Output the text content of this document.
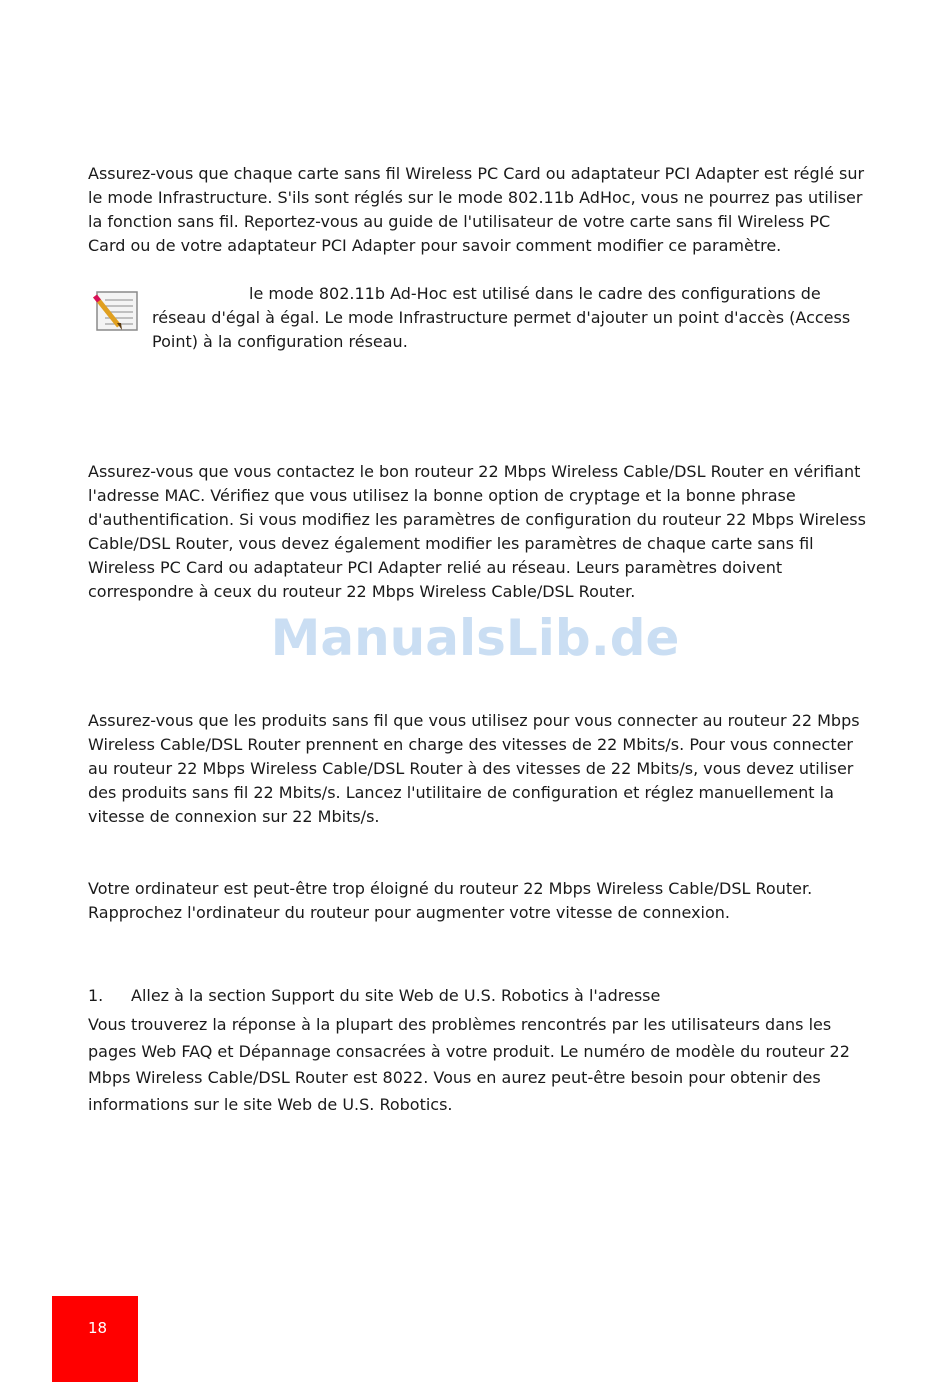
Assurez-vous que chaque carte sans fil Wireless PC Card ou adaptateur PCI Adapter est réglé sur le mode Infrastructure. S'ils sont réglés sur le mode 802.11b AdHoc, vous ne pourrez pas utiliser la fonction sans fil. Reportez-vous au guide de l'utilisateur de votre carte sans fil Wireless PC Card ou de votre adaptateur PCI Adapter pour savoir comment modifier ce paramètre.

le mode 802.11b Ad-Hoc est utilisé dans le cadre des configurations de réseau d'égal à égal. Le mode Infrastructure permet d'ajouter un point d'accès (Access Point) à la configuration réseau.

Assurez-vous que vous contactez le bon routeur 22 Mbps Wireless Cable/DSL Router en vérifiant l'adresse MAC. Vérifiez que vous utilisez la bonne option de cryptage et la bonne phrase d'authentification. Si vous modifiez les paramètres de configuration du routeur 22 Mbps Wireless Cable/DSL Router, vous devez également modifier les paramètres de chaque carte sans fil Wireless PC Card ou adaptateur PCI Adapter relié au réseau. Leurs paramètres doivent correspondre à ceux du routeur 22 Mbps Wireless Cable/DSL Router.

ManualsLib.de

Assurez-vous que les produits sans fil que vous utilisez pour vous connecter au routeur 22 Mbps Wireless Cable/DSL Router prennent en charge des vitesses de 22 Mbits/s. Pour vous connecter au routeur 22 Mbps Wireless Cable/DSL Router à des vitesses de 22 Mbits/s, vous devez utiliser des produits sans fil 22 Mbits/s. Lancez l'utilitaire de configuration et réglez manuellement la vitesse de connexion sur 22 Mbits/s.

Votre ordinateur est peut-être trop éloigné du routeur 22 Mbps Wireless Cable/DSL Router. Rapprochez l'ordinateur du routeur pour augmenter votre vitesse de connexion.

1. Allez à la section Support du site Web de U.S. Robotics à l'adresse

Vous trouverez la réponse à la plupart des problèmes rencontrés par les utilisateurs dans les pages Web FAQ et Dépannage consacrées à votre produit. Le numéro de modèle du routeur 22 Mbps Wireless Cable/DSL Router est 8022. Vous en aurez peut-être besoin pour obtenir des informations sur le site Web de U.S. Robotics.

18
